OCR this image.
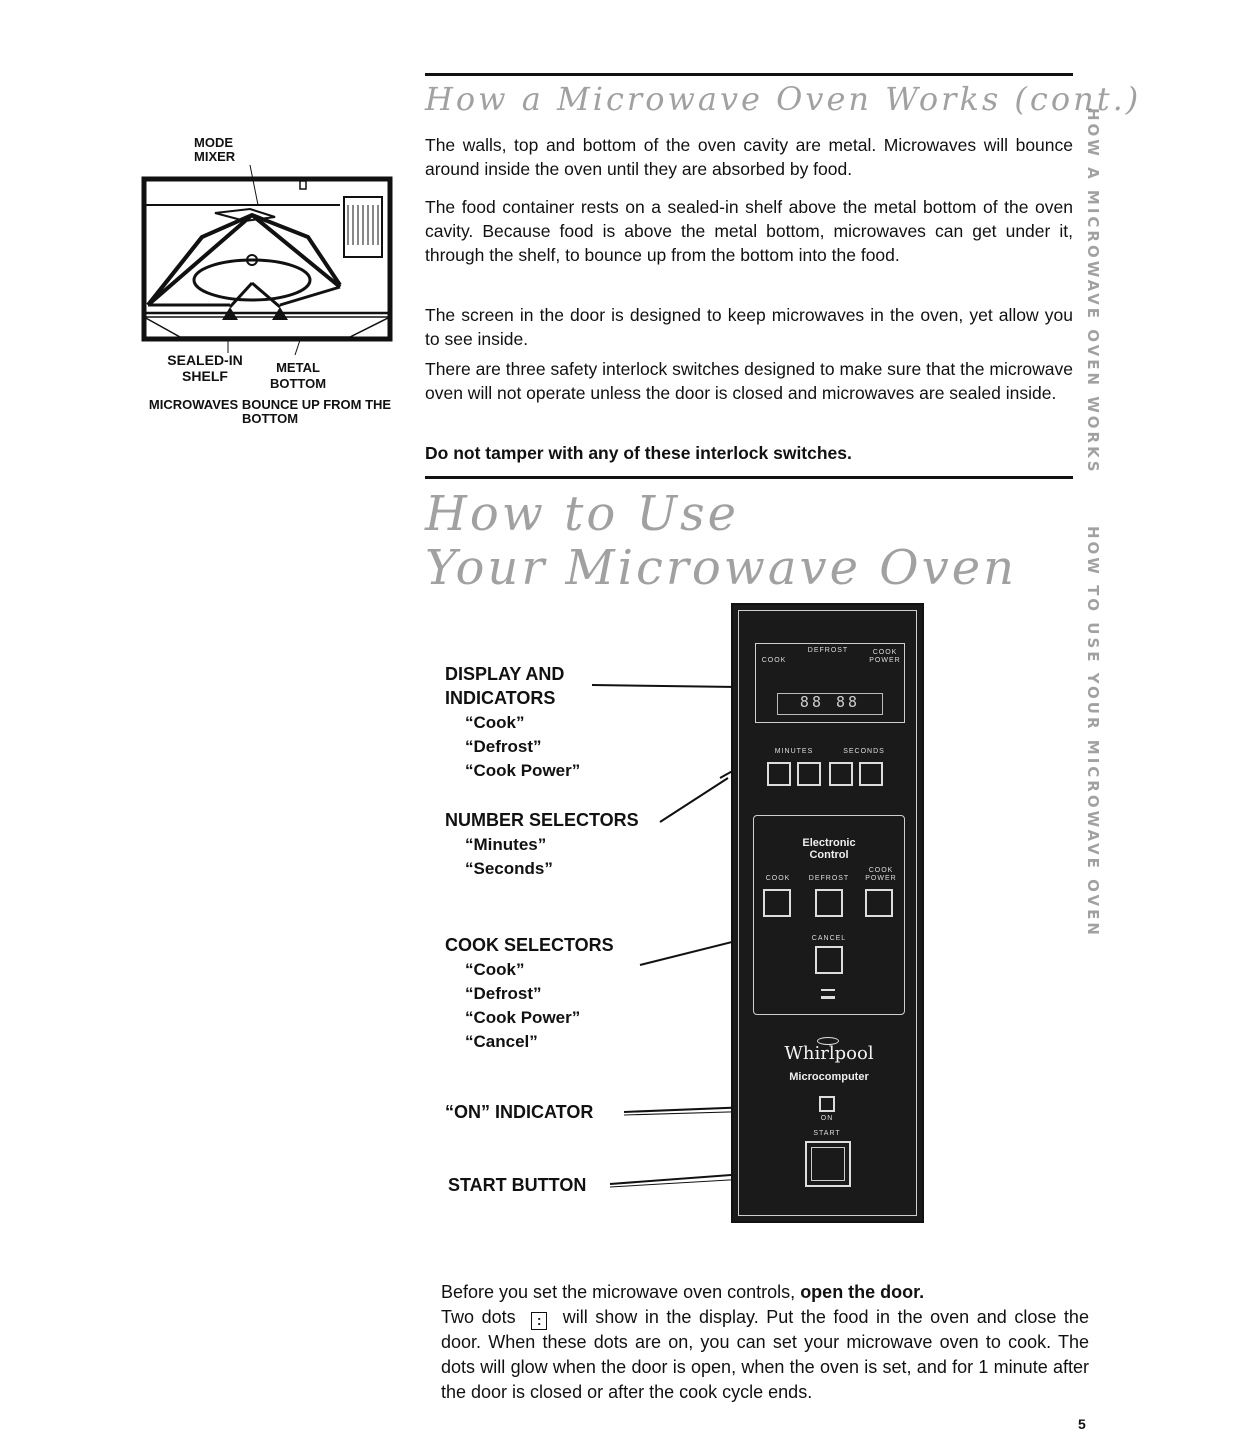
How a Microwave Oven Works (cont.)

The walls, top and bottom of the oven cavity are metal. Microwaves will bounce around inside the oven until they are absorbed by food.

The food container rests on a sealed-in shelf above the metal bottom of the oven cavity. Because food is above the metal bottom, microwaves can get under it, through the shelf, to bounce up from the bottom into the food.

The screen in the door is designed to keep microwaves in the oven, yet allow you to see inside.

There are three safety interlock switches designed to make sure that the microwave oven will not operate unless the door is closed and microwaves are sealed inside.

Do not tamper with any of these interlock switches.

MODE MIXER
SEALED-IN SHELF
METAL BOTTOM
MICROWAVES BOUNCE UP FROM THE BOTTOM
How to Use
Your Microwave Oven
DISPLAY AND
INDICATORS
“Cook”
“Defrost”
“Cook Power”
NUMBER SELECTORS
“Minutes”
“Seconds”
COOK SELECTORS
“Cook”
“Defrost”
“Cook Power”
“Cancel”
“ON” INDICATOR
START BUTTON
COOK
DEFROST	COOK POWER
88 88
MINUTES	SECONDS
Electronic
Control
COOK	DEFROST
COOK POWER
CANCEL
Whirlpool
Microcomputer
ON
START

Before you set the microwave oven controls, open the door.

Two dots : will show in the display. Put the food in the oven and close the door. When these dots are on, you can set your microwave oven to cook. The dots will glow when the door is open, when the oven is set, and for 1 minute after the door is closed or after the cook cycle ends.

HOW A MICROWAVE OVEN WORKS
HOW TO USE YOUR MICROWAVE OVEN
5
